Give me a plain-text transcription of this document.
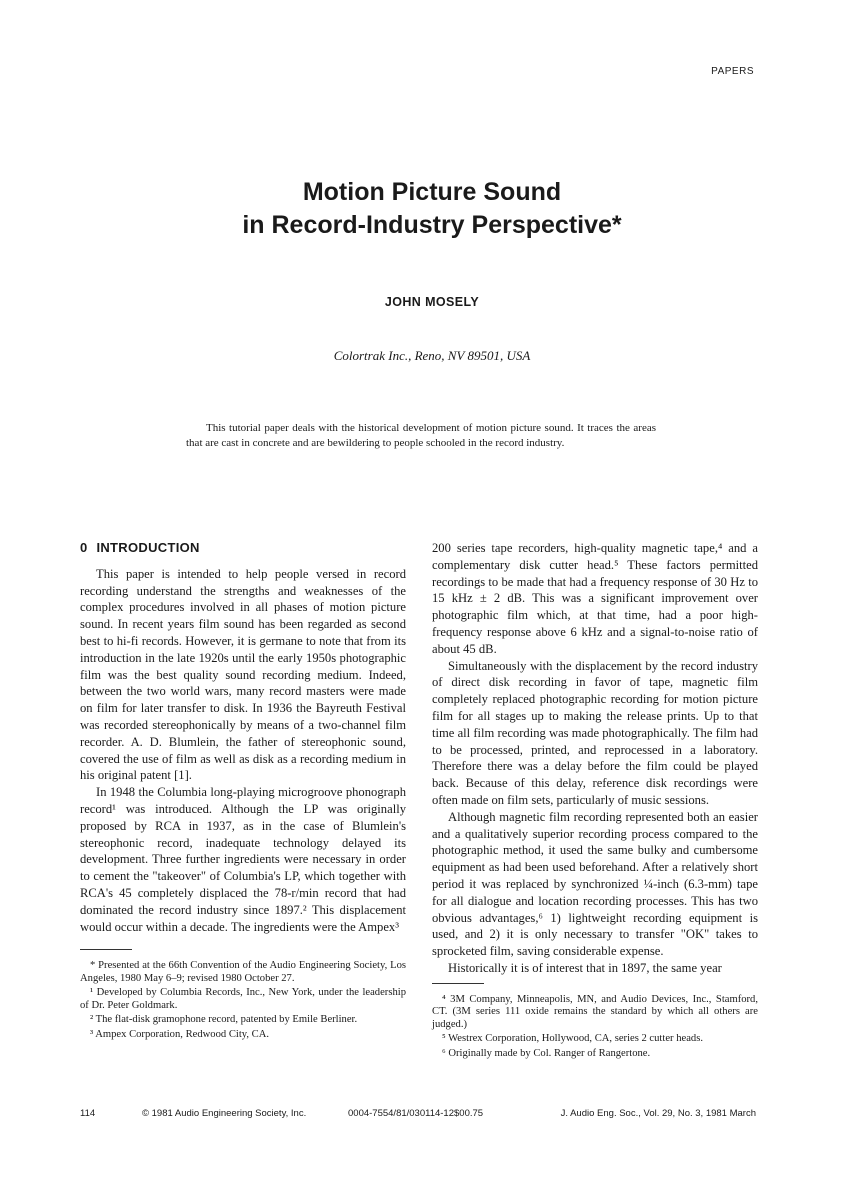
PAPERS
Motion Picture Sound
in Record-Industry Perspective*
JOHN MOSELY
Colortrak Inc., Reno, NV 89501, USA

This tutorial paper deals with the historical development of motion picture sound. It traces the areas that are cast in concrete and are bewildering to people schooled in the record industry.

0 INTRODUCTION

This paper is intended to help people versed in record recording understand the strengths and weaknesses of the complex procedures involved in all phases of motion picture sound. In recent years film sound has been regarded as second best to hi-fi records. However, it is germane to note that from its introduction in the late 1920s until the early 1950s photographic film was the best quality sound recording medium. Indeed, between the two world wars, many record masters were made on film for later transfer to disk. In 1936 the Bayreuth Festival was recorded stereophonically by means of a two-channel film recorder. A. D. Blumlein, the father of stereophonic sound, covered the use of film as well as disk as a recording medium in his original patent [1].

In 1948 the Columbia long-playing microgroove phonograph record¹ was introduced. Although the LP was originally proposed by RCA in 1937, as in the case of Blumlein's stereophonic record, inadequate technology delayed its development. Three further ingredients were necessary in order to cement the "takeover" of Columbia's LP, which together with RCA's 45 completely displaced the 78-r/min record that had dominated the record industry since 1897.² This displacement would occur within a decade. The ingredients were the Ampex³

* Presented at the 66th Convention of the Audio Engineering Society, Los Angeles, 1980 May 6–9; revised 1980 October 27.

¹ Developed by Columbia Records, Inc., New York, under the leadership of Dr. Peter Goldmark.

² The flat-disk gramophone record, patented by Emile Berliner.

³ Ampex Corporation, Redwood City, CA.

200 series tape recorders, high-quality magnetic tape,⁴ and a complementary disk cutter head.⁵ These factors permitted recordings to be made that had a frequency response of 30 Hz to 15 kHz ± 2 dB. This was a significant improvement over photographic film which, at that time, had a poor high-frequency response above 6 kHz and a signal-to-noise ratio of about 45 dB.

Simultaneously with the displacement by the record industry of direct disk recording in favor of tape, magnetic film completely replaced photographic recording for motion picture film for all stages up to making the release prints. Up to that time all film recording was made photographically. The film had to be processed, printed, and reprocessed in a laboratory. Therefore there was a delay before the film could be played back. Because of this delay, reference disk recordings were often made on film sets, particularly of music sessions.

Although magnetic film recording represented both an easier and a qualitatively superior recording process compared to the photographic method, it used the same bulky and cumbersome equipment as had been used beforehand. After a relatively short period it was replaced by synchronized ¼-inch (6.3-mm) tape for all dialogue and location recording processes. This has two obvious advantages,⁶ 1) lightweight recording equipment is used, and 2) it is only necessary to transfer "OK" takes to sprocketed film, saving considerable expense.

Historically it is of interest that in 1897, the same year

⁴ 3M Company, Minneapolis, MN, and Audio Devices, Inc., Stamford, CT. (3M series 111 oxide remains the standard by which all others are judged.)

⁵ Westrex Corporation, Hollywood, CA, series 2 cutter heads.

⁶ Originally made by Col. Ranger of Rangertone.

114	© 1981 Audio Engineering Society, Inc.	0004-7554/81/030114-12$00.75	J. Audio Eng. Soc., Vol. 29, No. 3, 1981 March
